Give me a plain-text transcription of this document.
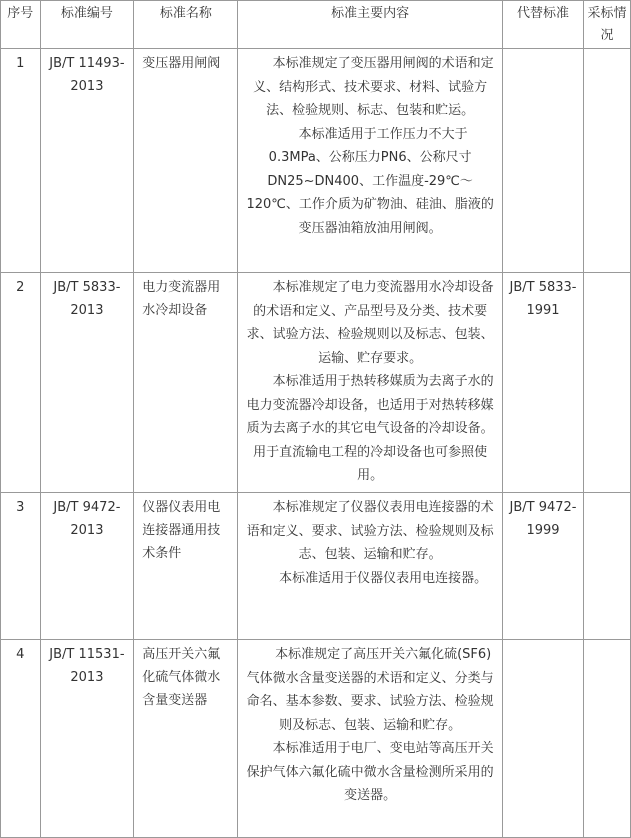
序号	标准编号	标准名称	标准主要内容	代替标准	采标情况
1	JB/T 11493-2013	变压器用闸阀	本标准规定了变压器用闸阀的术语和定义、结构形式、技术要求、材料、试验方法、检验规则、标志、包装和贮运。
本标准适用于工作压力不大于0.3MPa、公称压力PN6、公称尺寸DN25~DN400、工作温度-29℃～120℃、工作介质为矿物油、硅油、脂液的变压器油箱放油用闸阀。		

2	JB/T 5833-2013	电力变流器用水冷却设备	本标准规定了电力变流器用水冷却设备的术语和定义、产品型号及分类、技术要求、试验方法、检验规则以及标志、包装、运输、贮存要求。
本标准适用于热转移媒质为去离子水的电力变流器冷却设备，也适用于对热转移媒质为去离子水的其它电气设备的冷却设备。用于直流输电工程的冷却设备也可参照使用。	JB/T 5833-1991	
3	JB/T 9472-2013	仪器仪表用电连接器通用技术条件	本标准规定了仪器仪表用电连接器的术语和定义、要求、试验方法、检验规则及标志、包装、运输和贮存。
本标准适用于仪器仪表用电连接器。	JB/T 9472-1999	
4	JB/T 11531-2013	高压开关六氟化硫气体微水含量变送器	本标准规定了高压开关六氟化硫(SF6)气体微水含量变送器的术语和定义、分类与命名、基本参数、要求、试验方法、检验规则及标志、包装、运输和贮存。
本标准适用于电厂、变电站等高压开关保护气体六氟化硫中微水含量检测所采用的变送器。		
